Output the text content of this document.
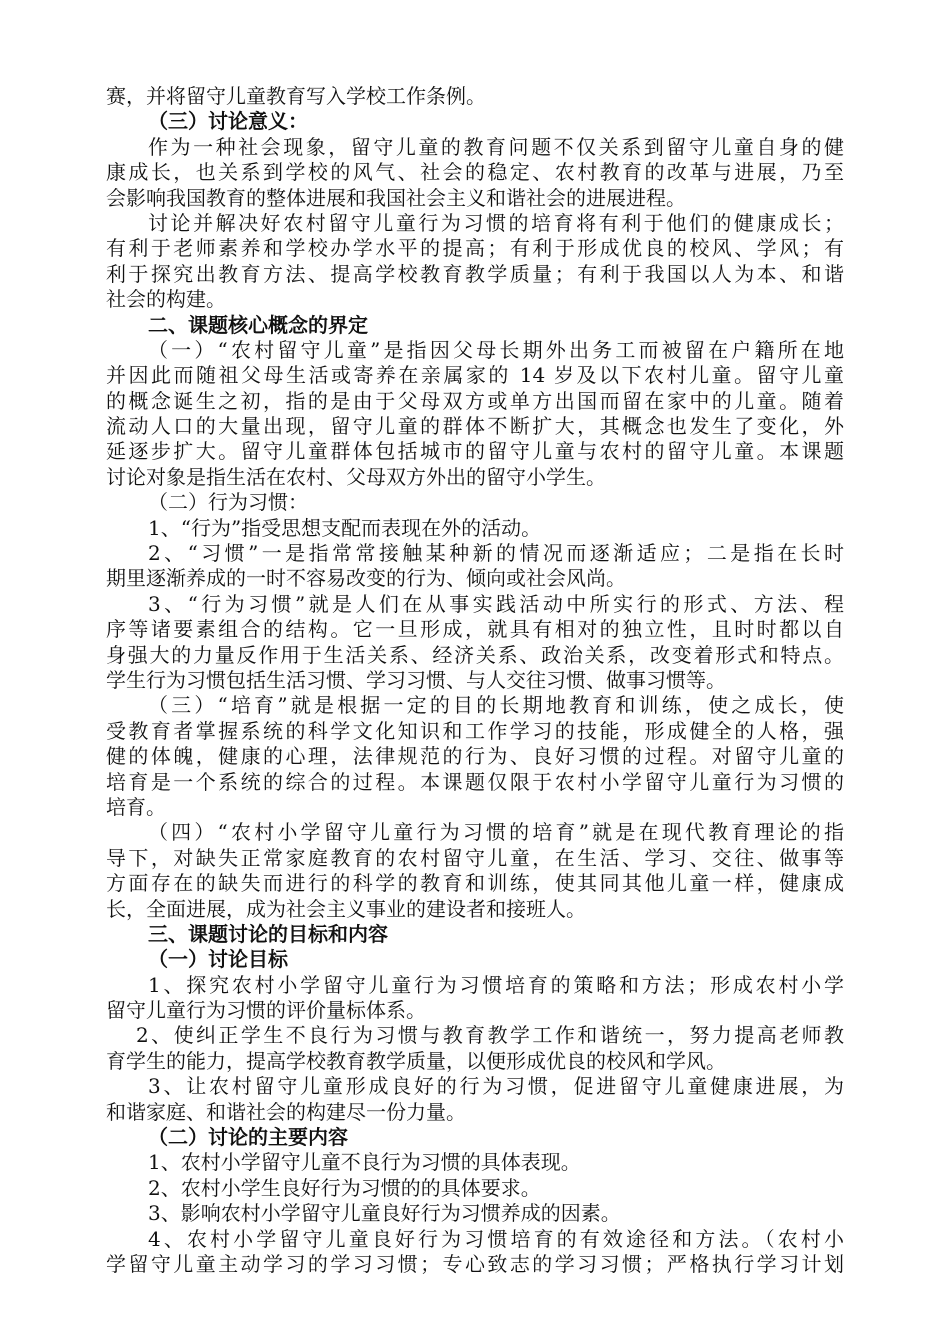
赛，并将留守儿童教育写入学校工作条例。
（三）讨论意义：
作为一种社会现象，留守儿童的教育问题不仅关系到留守儿童自身的健
康成长，也关系到学校的风气、社会的稳定、农村教育的改革与进展，乃至
会影响我国教育的整体进展和我国社会主义和谐社会的进展进程。
讨论并解决好农村留守儿童行为习惯的培育将有利于他们的健康成长；
有利于老师素养和学校办学水平的提高；有利于形成优良的校风、学风；有
利于探究出教育方法、提高学校教育教学质量；有利于我国以人为本、和谐
社会的构建。
二、课题核心概念的界定
（一）“农村留守儿童”是指因父母长期外出务工而被留在户籍所在地
并因此而随祖父母生活或寄养在亲属家的 14 岁及以下农村儿童。留守儿童
的概念诞生之初，指的是由于父母双方或单方出国而留在家中的儿童。随着
流动人口的大量出现，留守儿童的群体不断扩大，其概念也发生了变化，外
延逐步扩大。留守儿童群体包括城市的留守儿童与农村的留守儿童。本课题
讨论对象是指生活在农村、父母双方外出的留守小学生。
（二）行为习惯：
1、“行为”指受思想支配而表现在外的活动。
2、“习惯”一是指常常接触某种新的情况而逐渐适应；二是指在长时
期里逐渐养成的一时不容易改变的行为、倾向或社会风尚。
3、“行为习惯”就是人们在从事实践活动中所实行的形式、方法、程
序等诸要素组合的结构。它一旦形成，就具有相对的独立性，且时时都以自
身强大的力量反作用于生活关系、经济关系、政治关系，改变着形式和特点。
学生行为习惯包括生活习惯、学习习惯、与人交往习惯、做事习惯等。
（三）“培育”就是根据一定的目的长期地教育和训练，使之成长，使
受教育者掌握系统的科学文化知识和工作学习的技能，形成健全的人格，强
健的体魄，健康的心理，法律规范的行为、良好习惯的过程。对留守儿童的
培育是一个系统的综合的过程。本课题仅限于农村小学留守儿童行为习惯的
培育。
（四）“农村小学留守儿童行为习惯的培育”就是在现代教育理论的指
导下，对缺失正常家庭教育的农村留守儿童，在生活、学习、交往、做事等
方面存在的缺失而进行的科学的教育和训练，使其同其他儿童一样，健康成
长，全面进展，成为社会主义事业的建设者和接班人。
三、课题讨论的目标和内容
（一）讨论目标
1、探究农村小学留守儿童行为习惯培育的策略和方法；形成农村小学
留守儿童行为习惯的评价量标体系。
2、使纠正学生不良行为习惯与教育教学工作和谐统一，努力提高老师教
育学生的能力，提高学校教育教学质量，以便形成优良的校风和学风。
3、让农村留守儿童形成良好的行为习惯，促进留守儿童健康进展，为
和谐家庭、和谐社会的构建尽一份力量。
（二）讨论的主要内容
1、农村小学留守儿童不良行为习惯的具体表现。
2、农村小学生良好行为习惯的的具体要求。
3、影响农村小学留守儿童良好行为习惯养成的因素。
4、农村小学留守儿童良好行为习惯培育的有效途径和方法。（农村小
学留守儿童主动学习的学习习惯；专心致志的学习习惯；严格执行学习计划
